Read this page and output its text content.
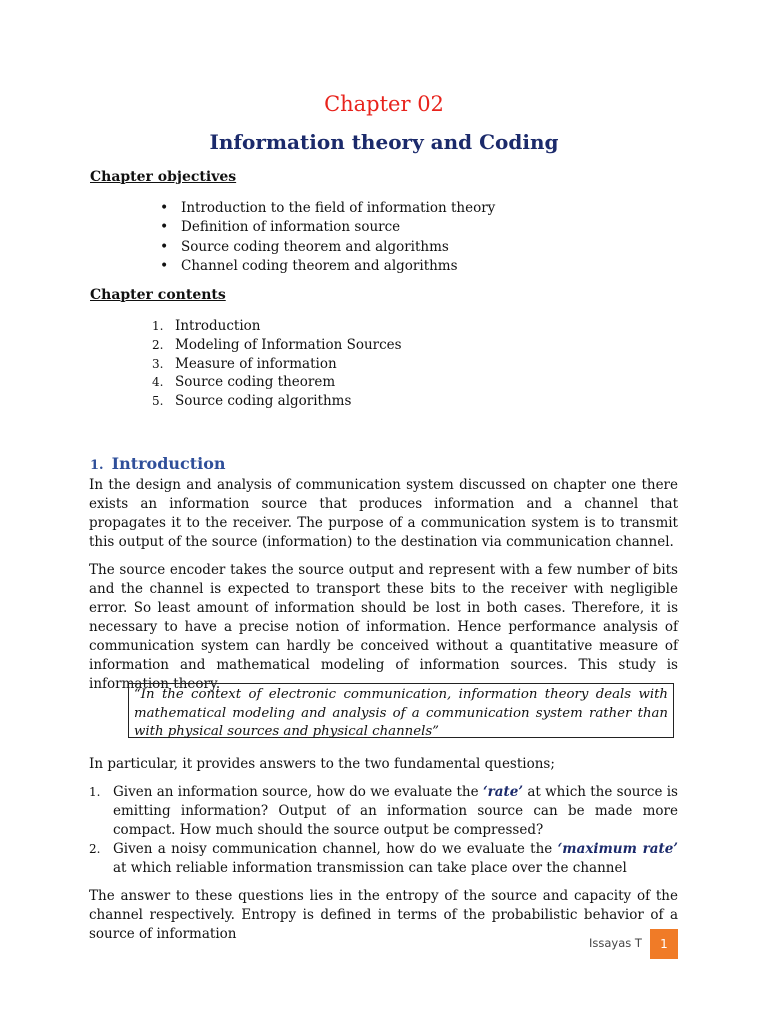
Chapter 02
Information theory and Coding
Chapter objectives
• Introduction to the field of information theory
• Definition of information source
• Source coding theorem and algorithms
• Channel coding theorem and algorithms
Chapter contents
1. Introduction
2. Modeling of Information Sources
3. Measure of information
4. Source coding theorem
5. Source coding algorithms
1. Introduction

In the design and analysis of communication system discussed on chapter one there exists an information source that produces information and a channel that propagates it to the receiver. The purpose of a communication system is to transmit this output of the source (information) to the destination via communication channel.

The source encoder takes the source output and represent with a few number of bits and the channel is expected to transport these bits to the receiver with negligible error. So least amount of information should be lost in both cases. Therefore, it is necessary to have a precise notion of information. Hence performance analysis of communication system can hardly be conceived without a quantitative measure of information and mathematical modeling of information sources. This study is information theory.

“In the context of electronic communication, information theory deals with mathematical modeling and analysis of a communication system rather than with physical sources and physical channels”

In particular, it provides answers to the two fundamental questions;

1. Given an information source, how do we evaluate the ‘rate’ at which the source is emitting information? Output of an information source can be made more compact. How much should the source output be compressed?
2. Given a noisy communication channel, how do we evaluate the ‘maximum rate’ at which reliable information transmission can take place over the channel

The answer to these questions lies in the entropy of the source and capacity of the channel respectively. Entropy is defined in terms of the probabilistic behavior of a source of information

Issayas T	1
